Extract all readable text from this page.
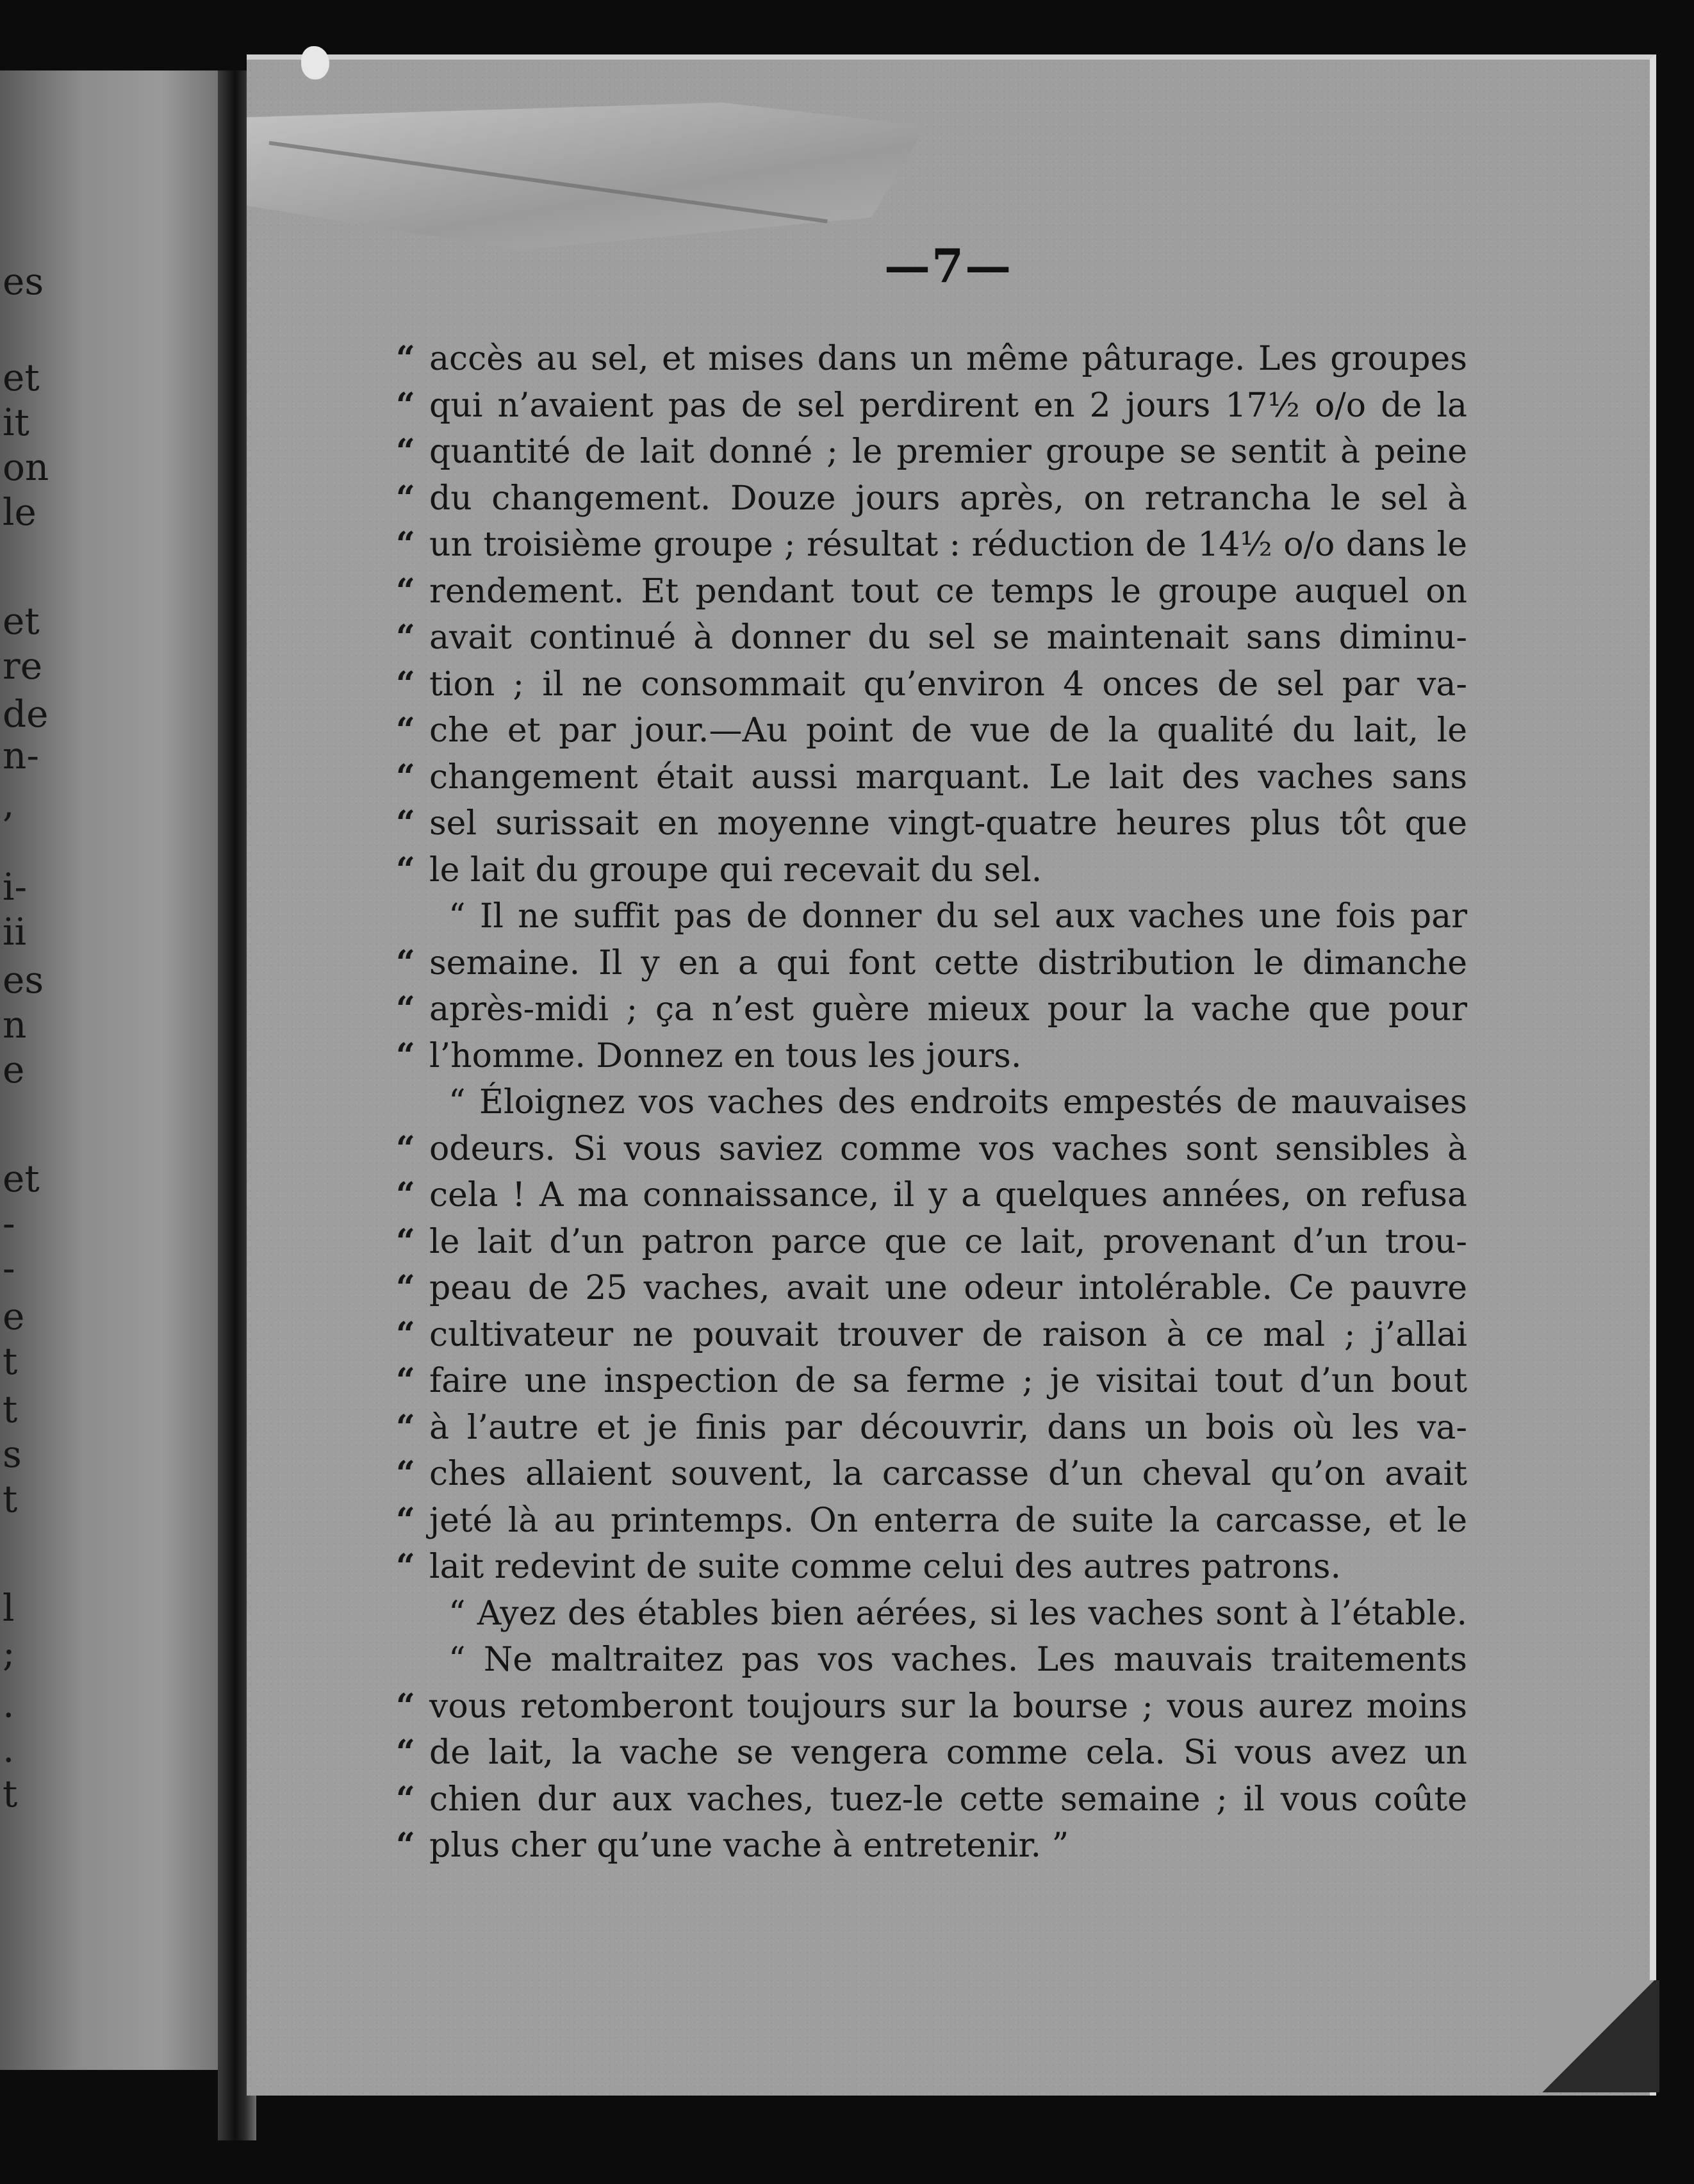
es
et
it
on
le
et
re
de
n-
,
i-
ii
es
n
e
et
-
-
e
t
t
s
t
l
;
.
.
t
—7—
“ accès au sel, et mises dans un même pâturage. Les groupes
“ qui n’avaient pas de sel perdirent en 2 jours 17½ o/o de la
“ quantité de lait donné ; le premier groupe se sentit à peine
“ du changement. Douze jours après, on retrancha le sel à
“ un troisième groupe ; résultat : réduction de 14½ o/o dans le
“ rendement. Et pendant tout ce temps le groupe auquel on
“ avait continué à donner du sel se maintenait sans diminu-
“ tion ; il ne consommait qu’environ 4 onces de sel par va-
“ che et par jour.—Au point de vue de la qualité du lait, le
“ changement était aussi marquant. Le lait des vaches sans
“ sel surissait en moyenne vingt-quatre heures plus tôt que
“ le lait du groupe qui recevait du sel.
“ Il ne suffit pas de donner du sel aux vaches une fois par
“ semaine. Il y en a qui font cette distribution le dimanche
“ après-midi ; ça n’est guère mieux pour la vache que pour
“ l’homme. Donnez en tous les jours.
“ Éloignez vos vaches des endroits empestés de mauvaises
“ odeurs. Si vous saviez comme vos vaches sont sensibles à
“ cela ! A ma connaissance, il y a quelques années, on refusa
“ le lait d’un patron parce que ce lait, provenant d’un trou-
“ peau de 25 vaches, avait une odeur intolérable. Ce pauvre
“ cultivateur ne pouvait trouver de raison à ce mal ; j’allai
“ faire une inspection de sa ferme ; je visitai tout d’un bout
“ à l’autre et je finis par découvrir, dans un bois où les va-
“ ches allaient souvent, la carcasse d’un cheval qu’on avait
“ jeté là au printemps. On enterra de suite la carcasse, et le
“ lait redevint de suite comme celui des autres patrons.
“ Ayez des étables bien aérées, si les vaches sont à l’étable.
“ Ne maltraitez pas vos vaches. Les mauvais traitements
“ vous retomberont toujours sur la bourse ; vous aurez moins
“ de lait, la vache se vengera comme cela. Si vous avez un
“ chien dur aux vaches, tuez-le cette semaine ; il vous coûte
“ plus cher qu’une vache à entretenir. ”
